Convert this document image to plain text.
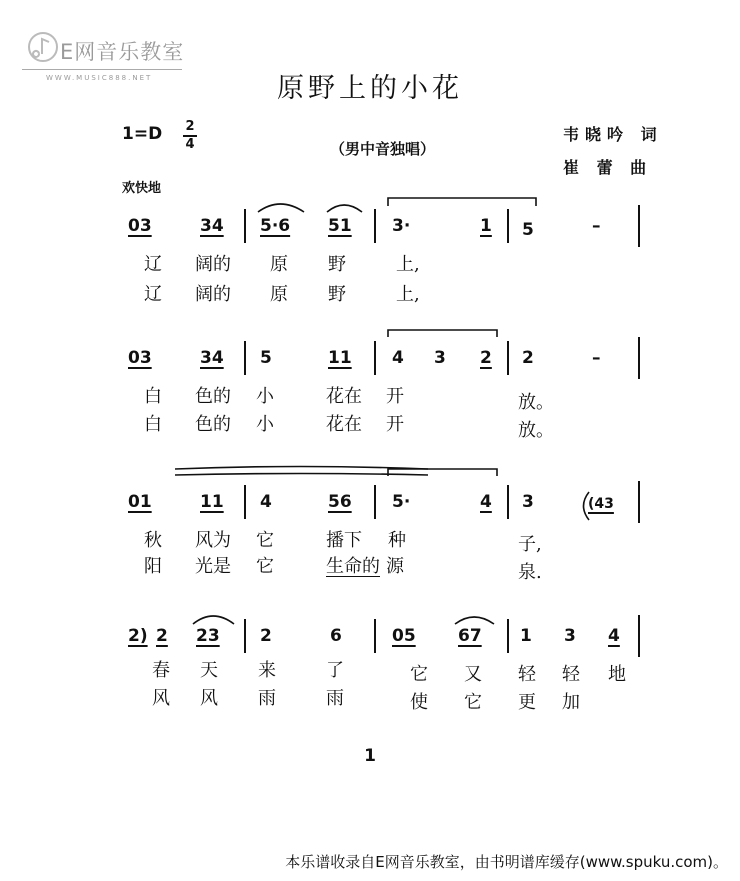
E网音乐教室
WWW.MUSIC888.NET	原野上的小花
1=D 2
4	（男中音独唱）
韦晓吟 词
崔 蕾 曲
欢快地
03	34 5·6 51 3·	1 5	–
辽 阔的 原 野	上,
辽 阔的 原 野	上,
03	34 5	11 4 3 2 2	–
白 色的 小	花在 开	放。
白 色的 小	花在 开	放。
01	11 4	56 5·	4 3	(43
秋 风为 它	播下 种	子,
阳 光是 它	生命的 源	泉.
2) 2 23 2	6	05 67 1 3 4
春 天 来	了	它 又 轻 轻 地
风 风 雨	雨	使 它 更 加
1
本乐谱收录自E网音乐教室，由书明谱库缓存(www.spuku.com)。
